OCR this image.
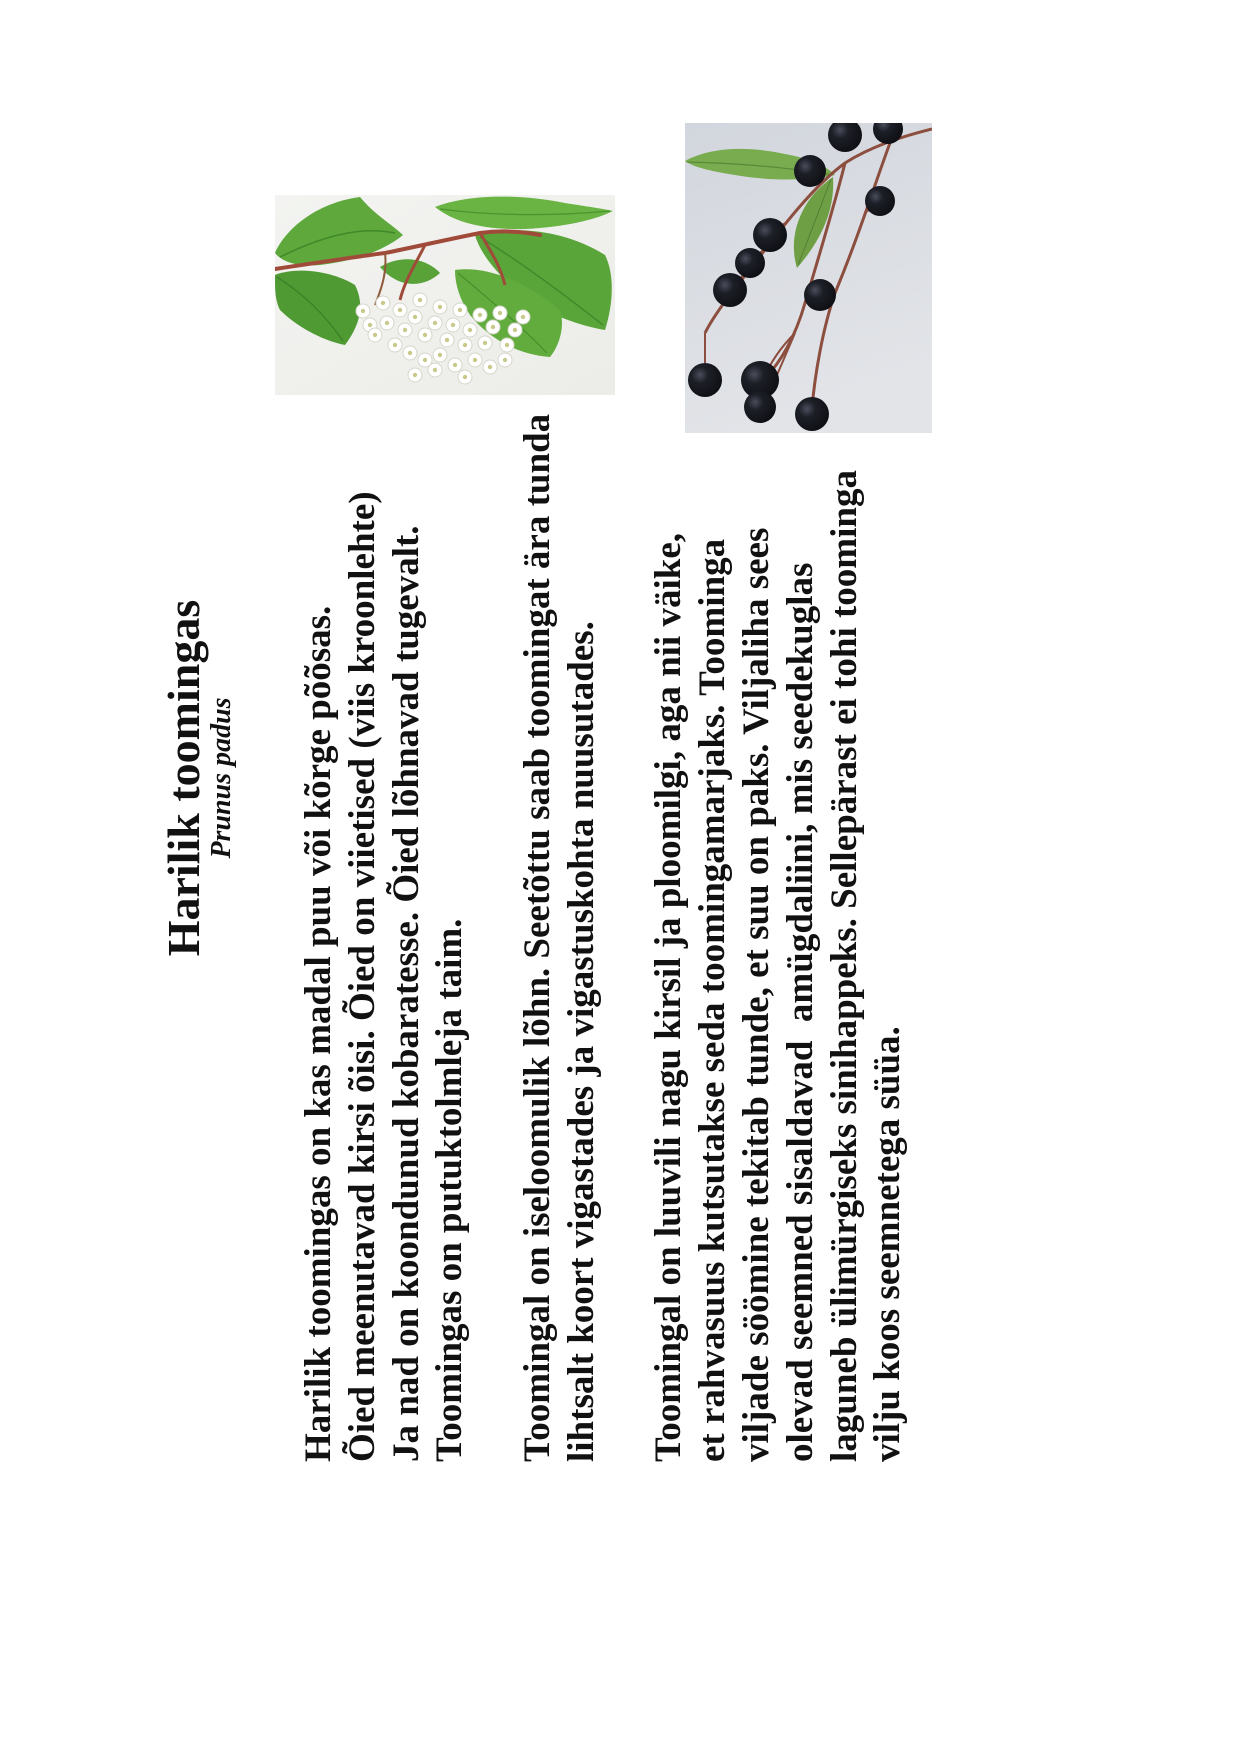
Harilik toomingas
Prunus padus Harilik toomingas on kas madal puu või kõrge põõsas. Õied meenutavad kirsi õisi. Õied on viietised (viis kroonlehte) Ja nad on koondunud kobaratesse. Õied lõhnavad tugevalt. Toomingas on putuktolmleja taim. Toomingal on iseloomulik lõhn. Seetõttu saab toomingat ära tunda lihtsalt koort vigastades ja vigastuskohta nuusutades. Toomingal on luuvili nagu kirsil ja ploomilgi, aga nii väike, et rahvasuus kutsutakse seda toomingamarjaks. Toominga viljade söömine tekitab tunde, et suu on paks. Viljaliha sees olevad seemned sisaldavad  amügdaliini, mis seedekuglas laguneb ülimürgiseks sinihappeks. Sellepärast ei tohi toominga vilju koos seemnetega süüa.
